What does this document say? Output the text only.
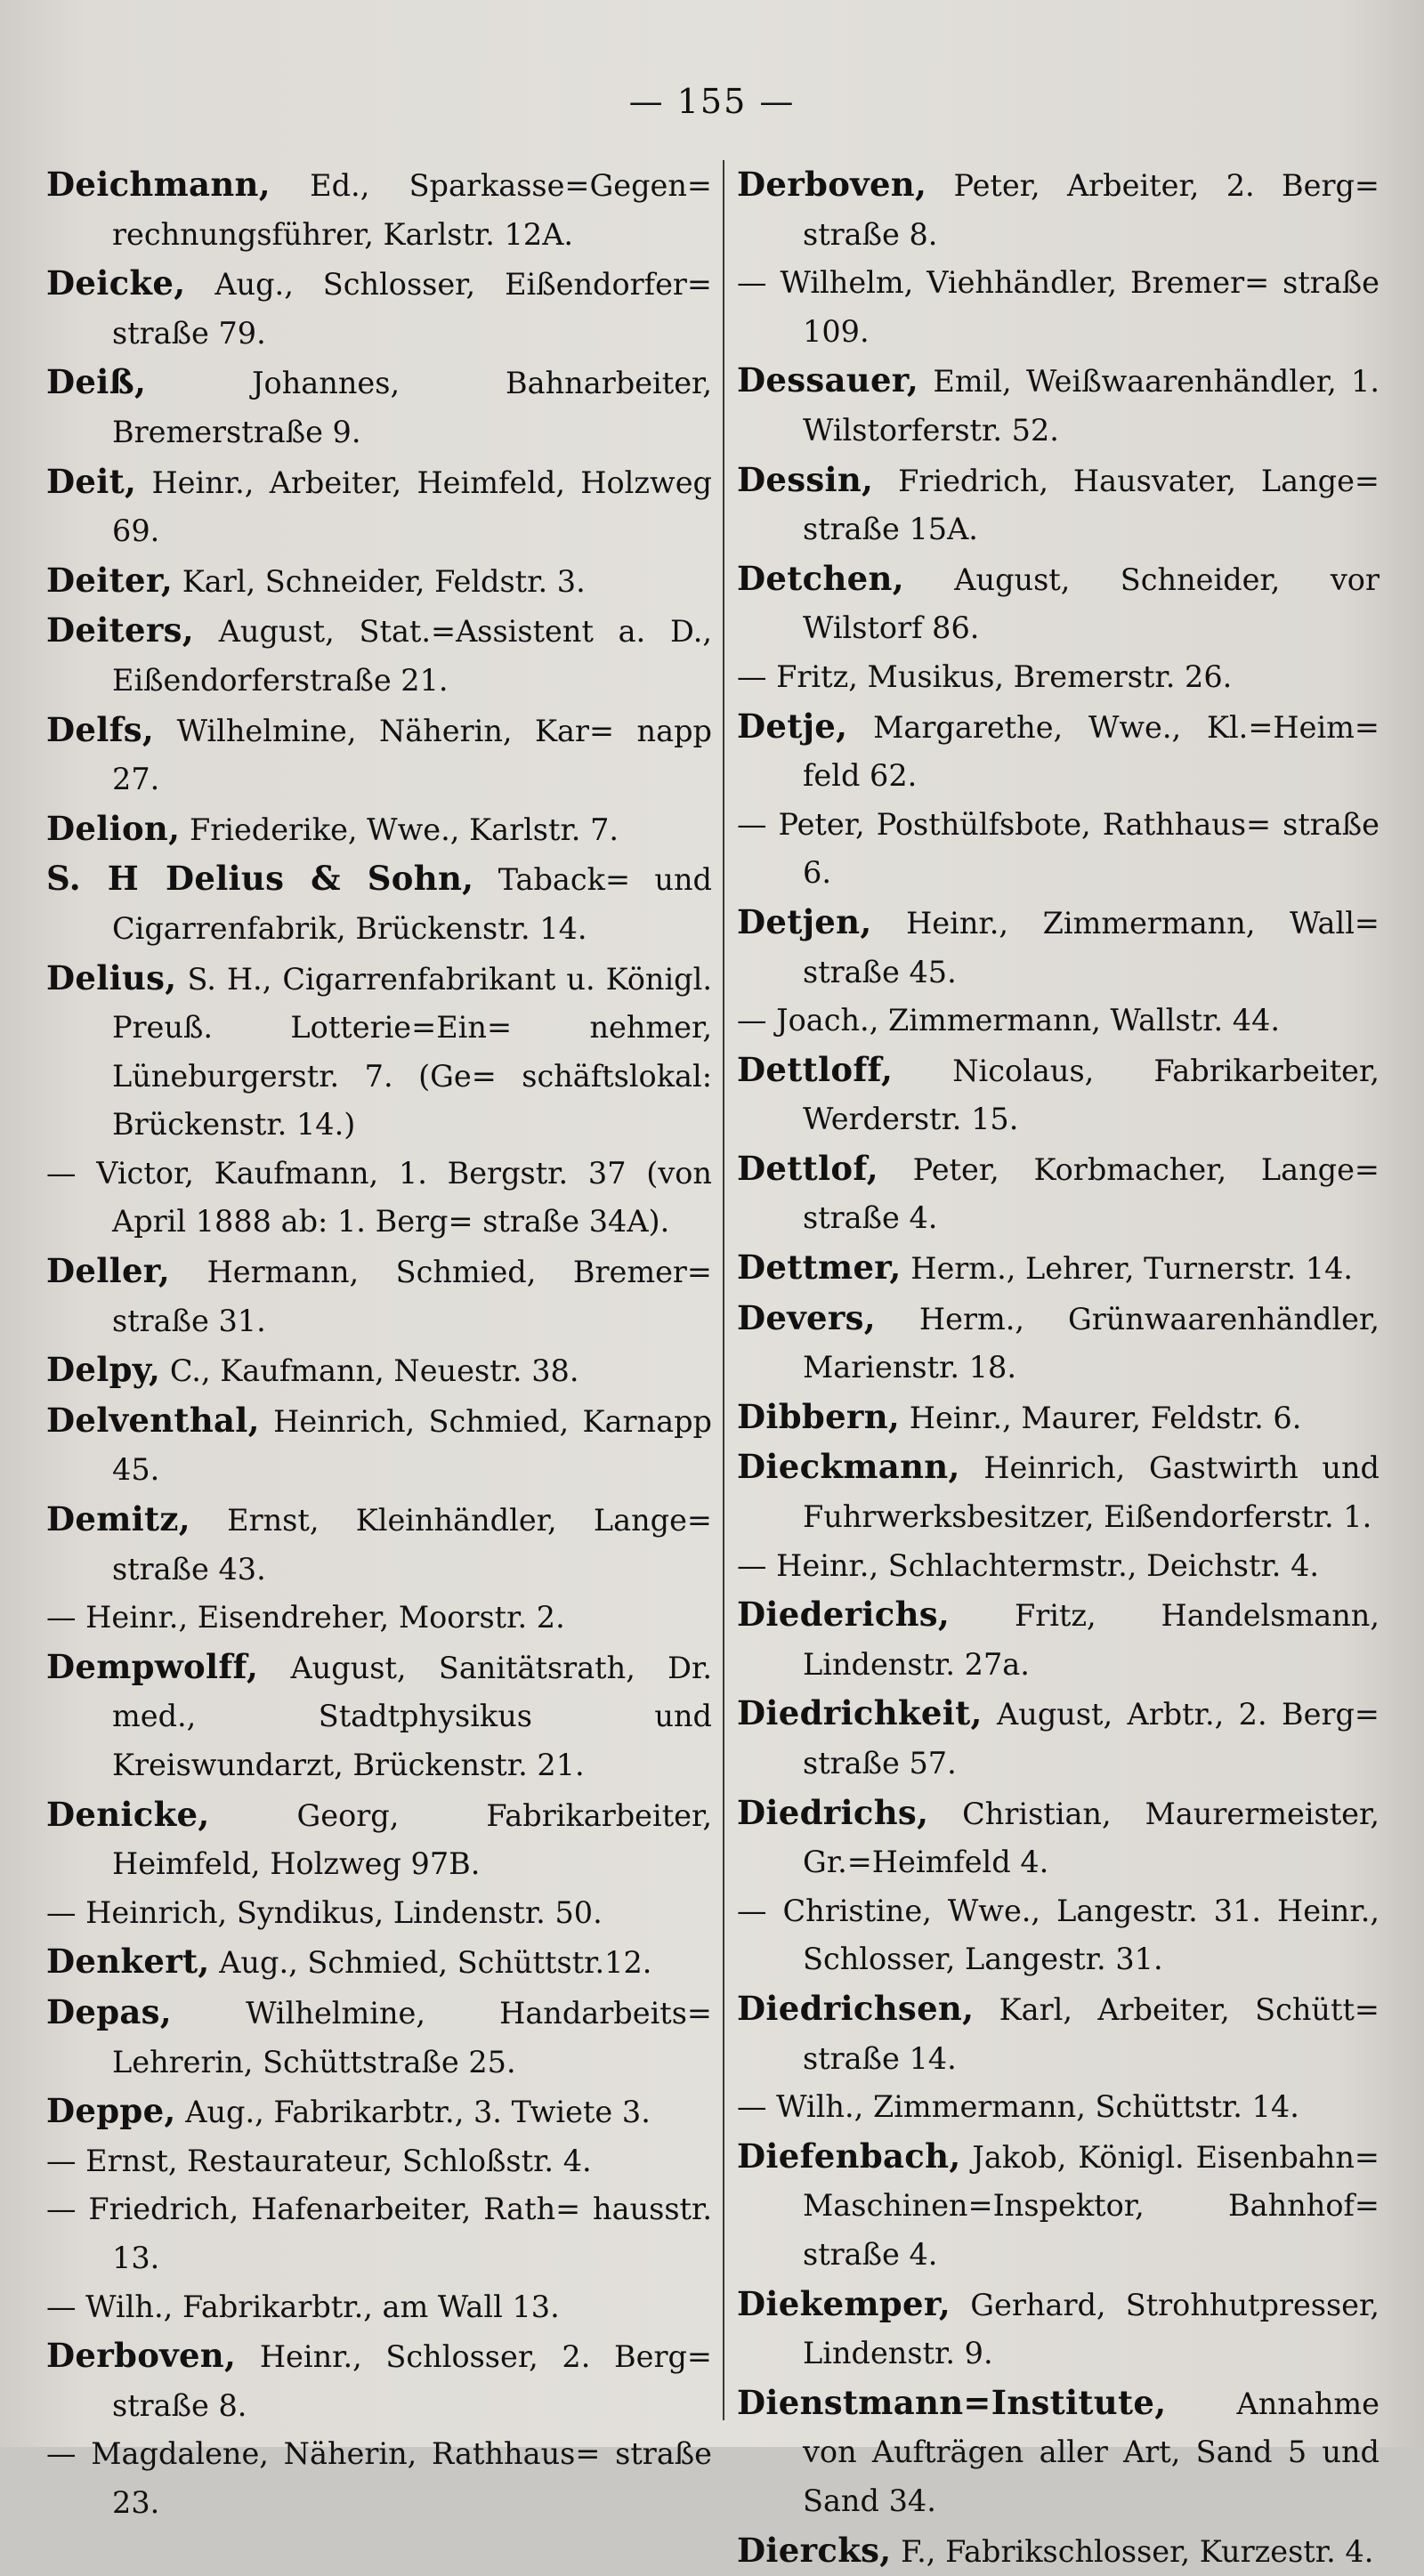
— 155 —

Deichmann, Ed., Sparkasse=Gegen= rechnungsführer, Karlstr. 12A.

Deicke, Aug., Schlosser, Eißendorfer= straße 79.

Deiß,	Johannes, Bahnarbeiter, Bremerstraße 9.

Deit, Heinr., Arbeiter, Heimfeld, Holzweg 69.

Deiter, Karl, Schneider, Feldstr. 3.

Deiters, August, Stat.=Assistent a. D., Eißendorferstraße 21.

Delfs, Wilhelmine, Näherin, Kar= napp 27.

Delion, Friederike, Wwe., Karlstr. 7.

S. H Delius & Sohn, Taback= und Cigarrenfabrik, Brückenstr. 14.

Delius, S. H., Cigarrenfabrikant u. Königl. Preuß. Lotterie=Ein= nehmer, Lüneburgerstr. 7. (Ge= schäftslokal: Brückenstr. 14.)

— Victor, Kaufmann, 1. Bergstr. 37 (von April 1888 ab: 1. Berg= straße 34A).

Deller, Hermann, Schmied, Bremer= straße 31.

Delpy, C., Kaufmann, Neuestr. 38.

Delventhal, Heinrich, Schmied, Karnapp 45.

Demitz, Ernst, Kleinhändler, Lange= straße 43.

— Heinr., Eisendreher, Moorstr. 2.

Dempwolff, August, Sanitätsrath, Dr. med., Stadtphysikus und Kreiswundarzt, Brückenstr. 21.

Denicke,	Georg, Fabrikarbeiter, Heimfeld, Holzweg 97B.

— Heinrich, Syndikus, Lindenstr. 50.

Denkert, Aug., Schmied, Schüttstr.12.

Depas, Wilhelmine, Handarbeits= Lehrerin, Schüttstraße 25.

Deppe, Aug., Fabrikarbtr., 3. Twiete 3.

— Ernst, Restaurateur, Schloßstr. 4.

— Friedrich, Hafenarbeiter, Rath= hausstr. 13.

— Wilh., Fabrikarbtr., am Wall 13.

Derboven, Heinr., Schlosser, 2. Berg= straße 8.

— Magdalene, Näherin, Rathhaus= straße 23.

Derboven, Peter, Arbeiter, 2. Berg= straße 8.

— Wilhelm, Viehhändler, Bremer= straße 109.

Dessauer, Emil, Weißwaarenhändler, 1. Wilstorferstr. 52.

Dessin, Friedrich, Hausvater, Lange= straße 15A.

Detchen, August, Schneider, vor Wilstorf 86.

— Fritz, Musikus, Bremerstr. 26.

Detje, Margarethe, Wwe., Kl.=Heim= feld 62.

— Peter, Posthülfsbote, Rathhaus= straße 6.

Detjen, Heinr., Zimmermann, Wall= straße 45.

— Joach., Zimmermann, Wallstr. 44.

Dettloff, Nicolaus, Fabrikarbeiter, Werderstr. 15.

Dettlof, Peter, Korbmacher, Lange= straße 4.

Dettmer, Herm., Lehrer, Turnerstr. 14.

Devers, Herm., Grünwaarenhändler, Marienstr. 18.

Dibbern, Heinr., Maurer, Feldstr. 6.

Dieckmann, Heinrich, Gastwirth und Fuhrwerksbesitzer, Eißendorferstr. 1.

— Heinr., Schlachtermstr., Deichstr. 4.

Diederichs, Fritz, Handelsmann, Lindenstr. 27a.

Diedrichkeit, August, Arbtr., 2. Berg= straße 57.

Diedrichs, Christian, Maurermeister, Gr.=Heimfeld 4.

— Christine, Wwe., Langestr. 31. Heinr., Schlosser, Langestr. 31.

Diedrichsen, Karl, Arbeiter, Schütt= straße 14.

— Wilh., Zimmermann, Schüttstr. 14.

Diefenbach, Jakob, Königl. Eisenbahn= Maschinen=Inspektor, Bahnhof= straße 4.

Diekemper, Gerhard, Strohhutpresser, Lindenstr. 9.

Dienstmann=Institute, Annahme von Aufträgen aller Art, Sand 5 und Sand 34.

Diercks, F., Fabrikschlosser, Kurzestr. 4.
